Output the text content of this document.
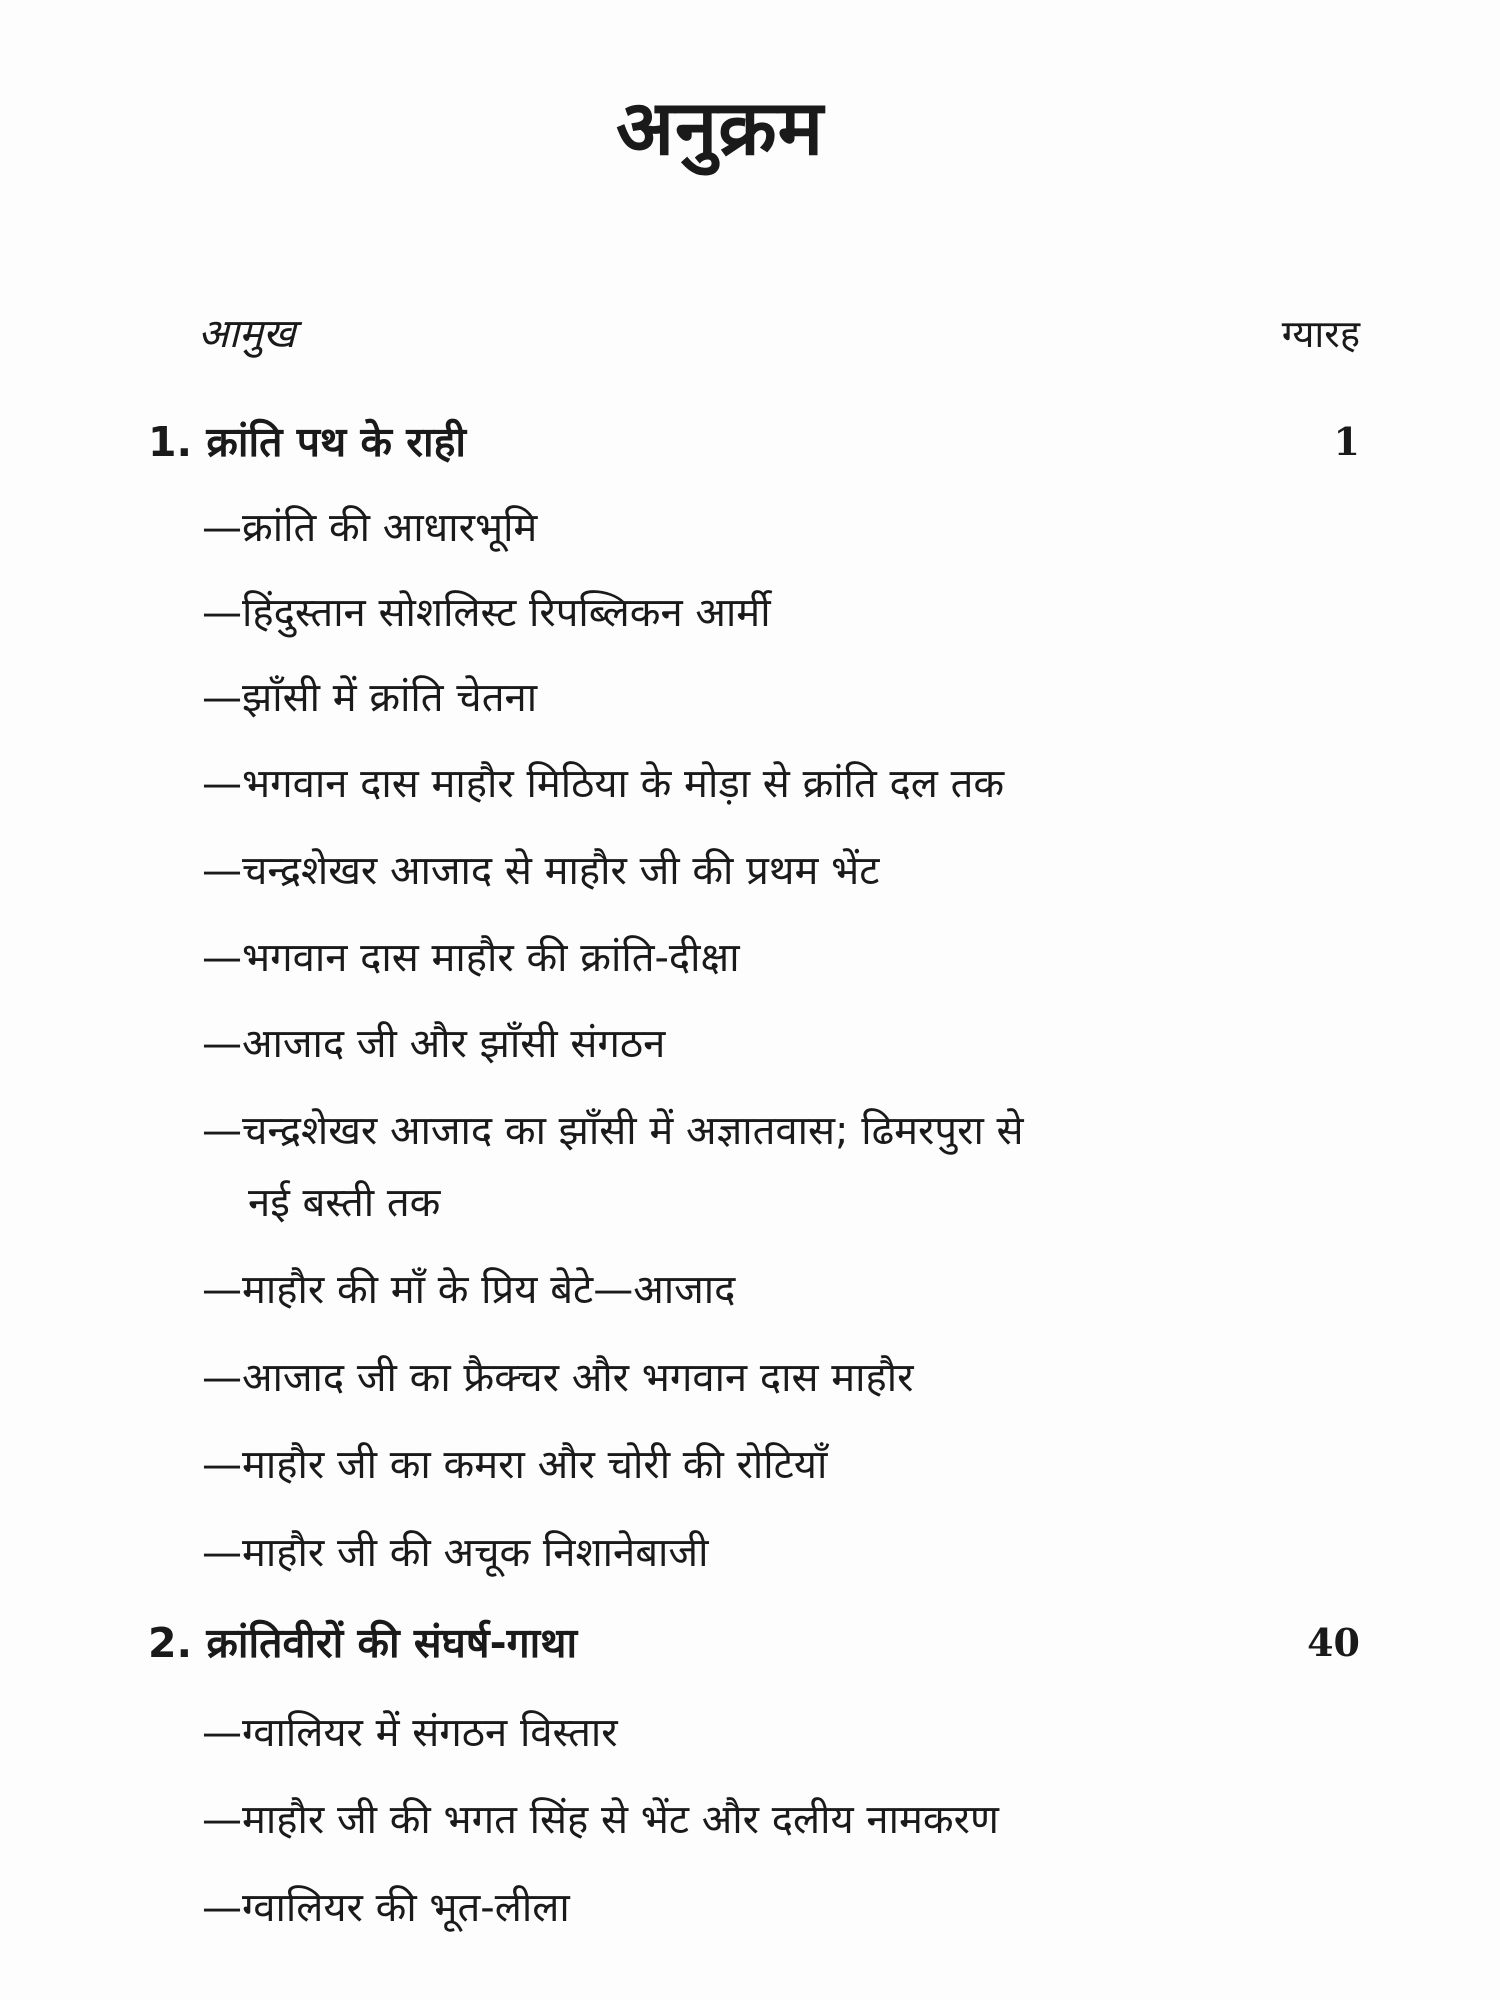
अनुक्रम
आमुख	ग्यारह
1. क्रांति पथ के राही	1
—क्रांति की आधारभूमि
—हिंदुस्तान सोशलिस्ट रिपब्लिकन आर्मी
—झाँसी में क्रांति चेतना
—भगवान दास माहौर मिठिया के मोड़ा से क्रांति दल तक
—चन्द्रशेखर आजाद से माहौर जी की प्रथम भेंट
—भगवान दास माहौर की क्रांति-दीक्षा
—आजाद जी और झाँसी संगठन
—चन्द्रशेखर आजाद का झाँसी में अज्ञातवास; ढिमरपुरा से
नई बस्ती तक
—माहौर की माँ के प्रिय बेटे—आजाद
—आजाद जी का फ्रैक्चर और भगवान दास माहौर
—माहौर जी का कमरा और चोरी की रोटियाँ
—माहौर जी की अचूक निशानेबाजी
2. क्रांतिवीरों की संघर्ष-गाथा	40
—ग्वालियर में संगठन विस्तार
—माहौर जी की भगत सिंह से भेंट और दलीय नामकरण
—ग्वालियर की भूत-लीला
